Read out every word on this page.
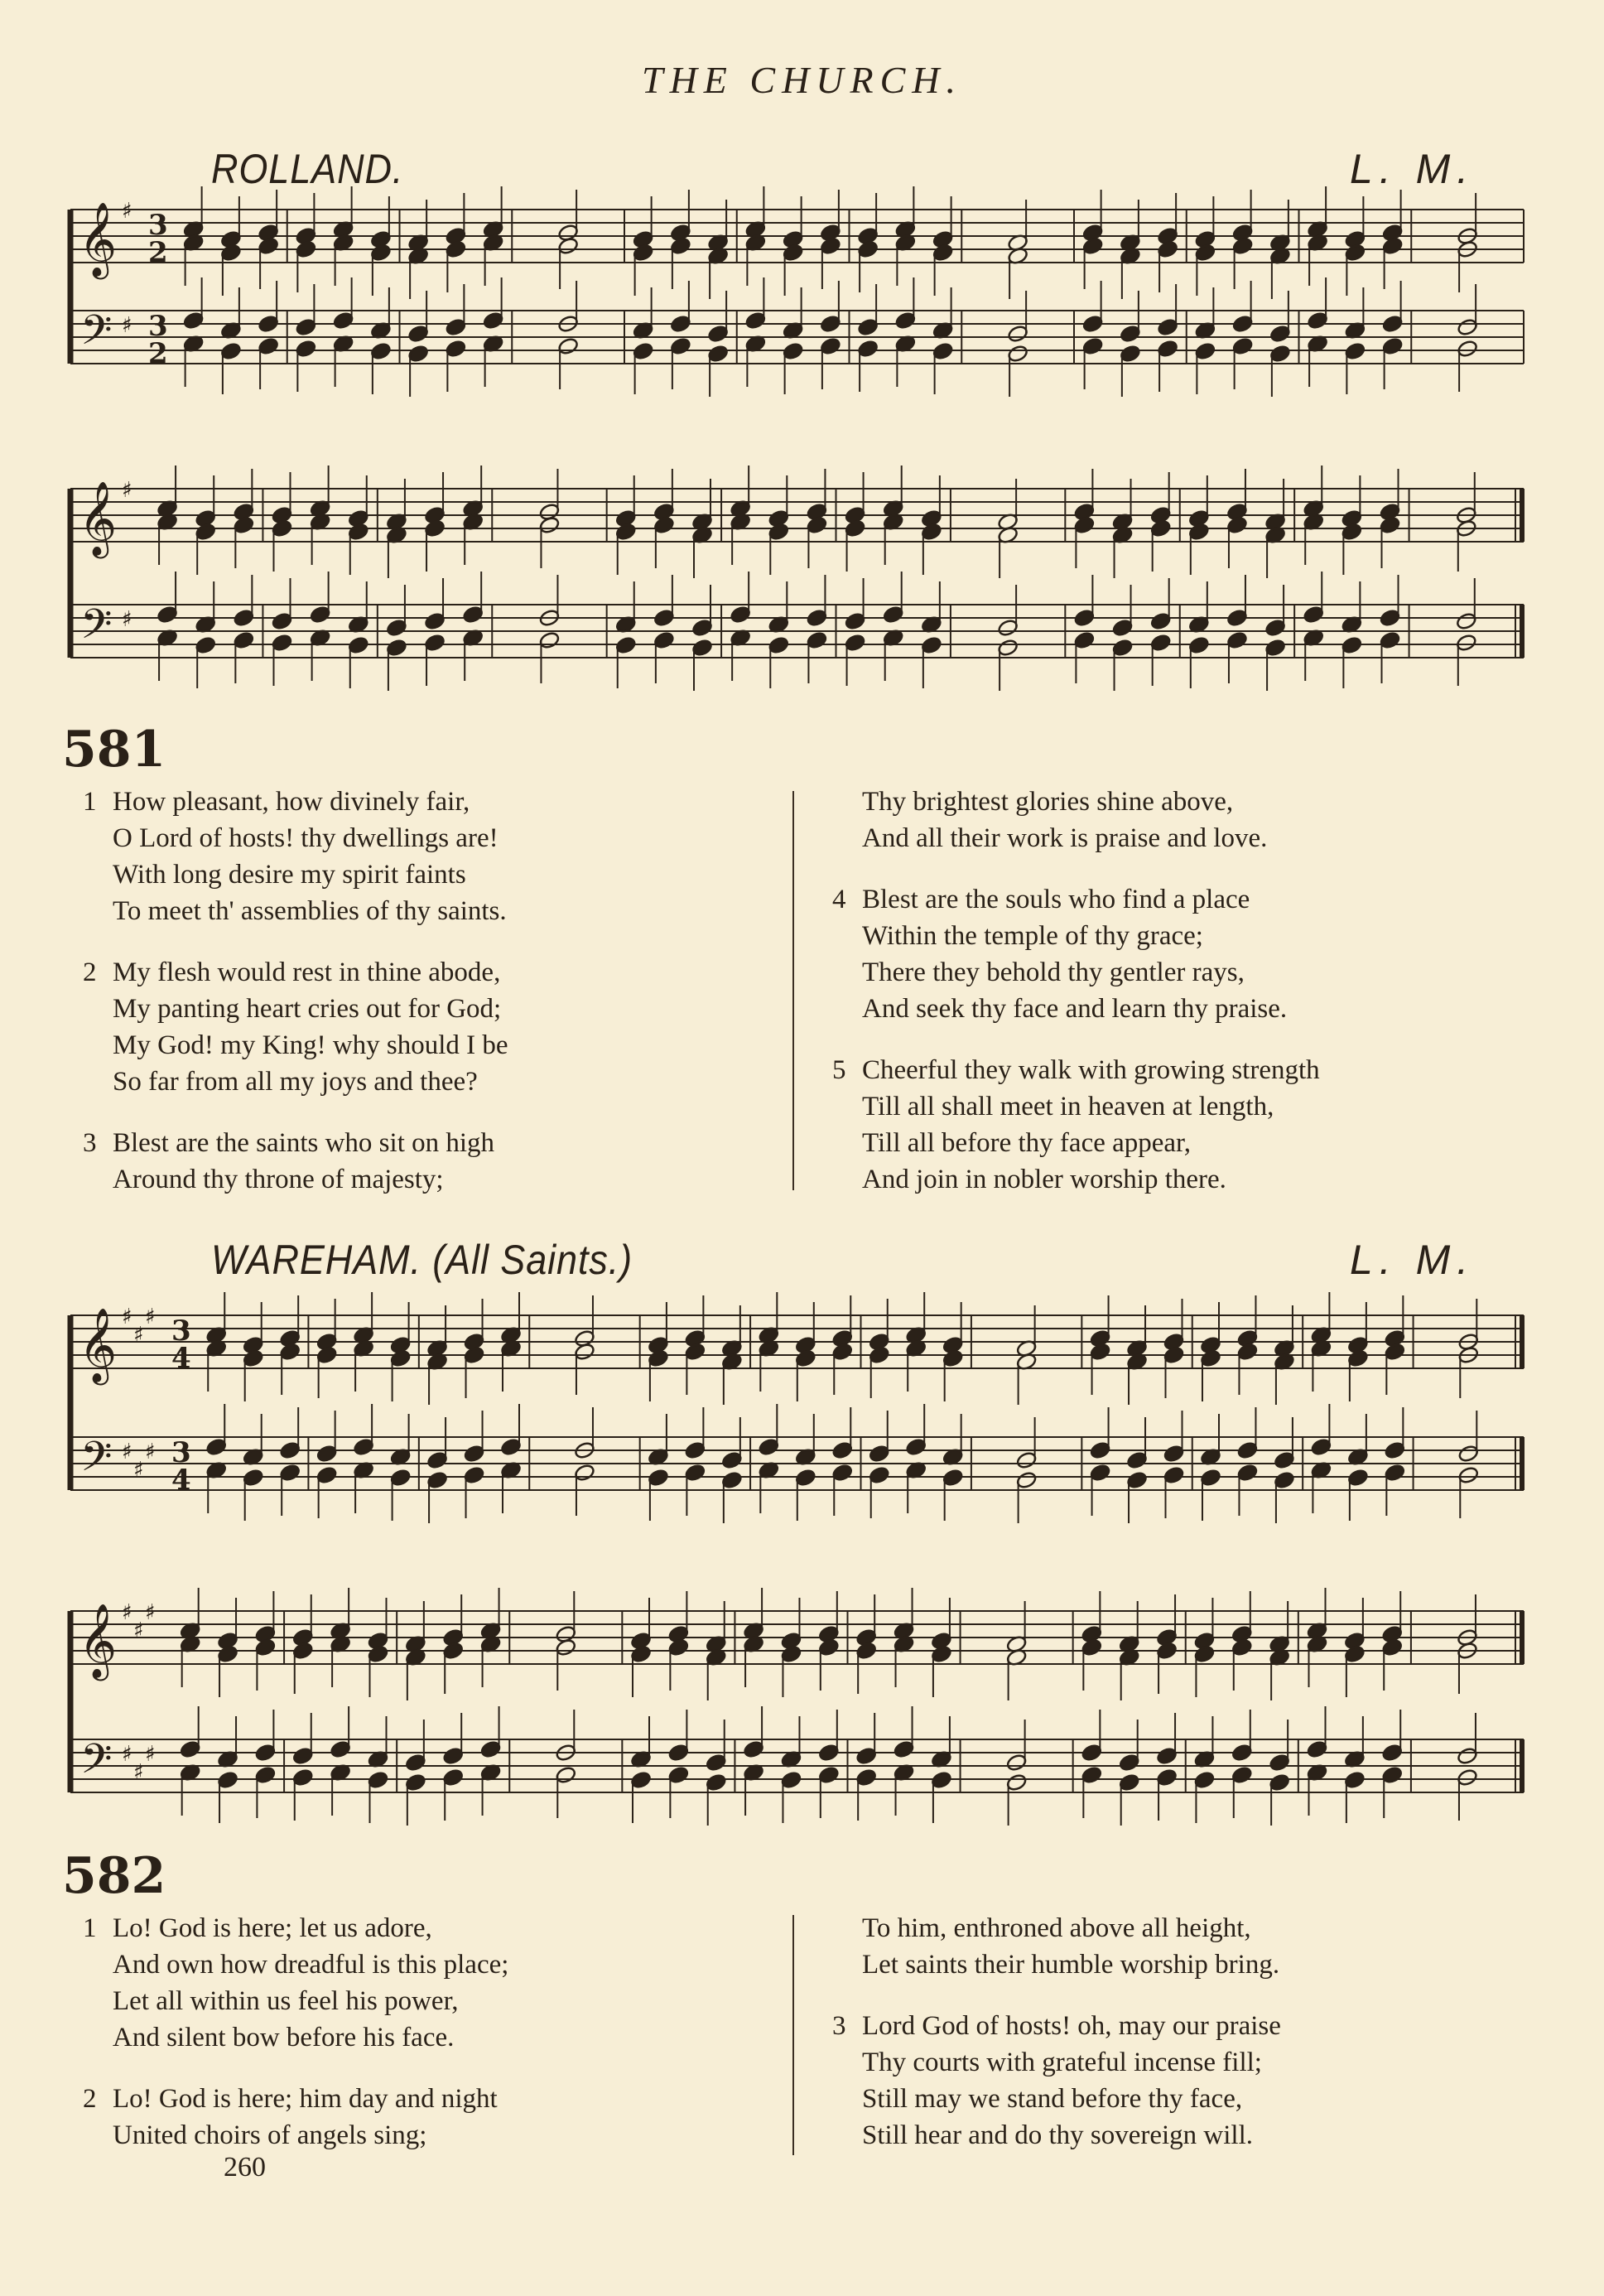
THE CHURCH.
ROLLAND.	L. M.
𝄞
𝄢
♯
♯
3
2
3
2
𝄞
𝄢
♯
♯
581
1 How pleasant, how divinely fair,
O Lord of hosts! thy dwellings are!
With long desire my spirit faints
To meet th' assemblies of thy saints.
2 My flesh would rest in thine abode,
My panting heart cries out for God;
My God! my King! why should I be
So far from all my joys and thee?
3 Blest are the saints who sit on high
Around thy throne of majesty;
Thy brightest glories shine above,
And all their work is praise and love.
4 Blest are the souls who find a place
Within the temple of thy grace;
There they behold thy gentler rays,
And seek thy face and learn thy praise.
5 Cheerful they walk with growing strength
Till all shall meet in heaven at length,
Till all before thy face appear,
And join in nobler worship there.
WAREHAM. (All Saints.)	L. M.
𝄞
𝄢
♯
♯
♯
♯
♯
♯
3
4
3
4
𝄞
𝄢
♯
♯
♯
♯
♯
♯
582
1 Lo! God is here; let us adore,
And own how dreadful is this place;
Let all within us feel his power,
And silent bow before his face.
2 Lo! God is here; him day and night
United choirs of angels sing;
To him, enthroned above all height,
Let saints their humble worship bring.
3 Lord God of hosts! oh, may our praise
Thy courts with grateful incense fill;
Still may we stand before thy face,
Still hear and do thy sovereign will.
260
